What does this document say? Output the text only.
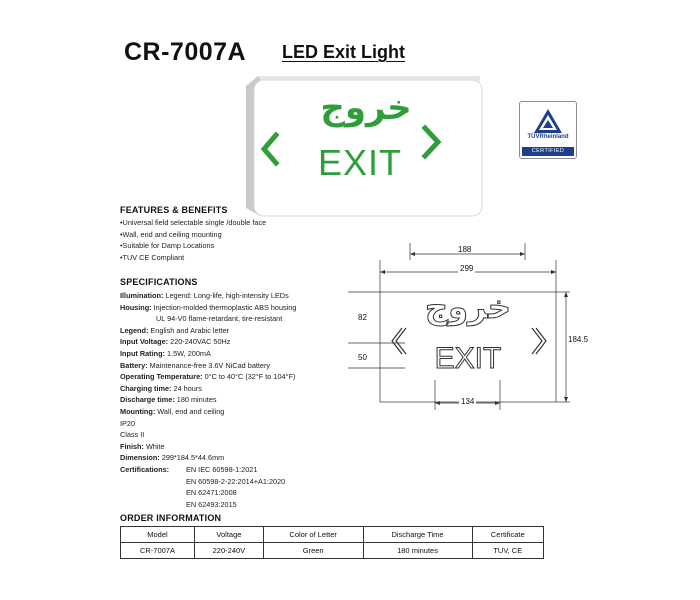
CR-7007A LED Exit Light
خروج
EXIT
TÜVRheinland
CERTIFIED
FEATURES & BENEFITS
•Universal field selectable single /double face
•Wall, end and ceiling mounting
•Suitable for Damp Locations
•TUV CE Compliant
SPECIFICATIONS
Illumination: Legend: Long-life, high-intensity LEDs
Housing: Injection-molded thermoplastic ABS housing
UL 94-V0 flame-retardant, tire-resistant
Legend: English and Arabic letter
Input Voltage: 220-240VAC 50Hz
Input Rating: 1.5W, 200mA
Battery: Maintenance-free 3.6V NiCad battery
Operating Temperature: 0°C to 40°C (32°F to 104°F)
Charging time: 24 hours
Discharge time: 180 minutes
Mounting: Wall, end and ceiling
IP20
Class II
Finish: White
Dimension: 299*184.5*44.6mm
Certifications: EN IEC 60598-1:2021
EN 60598-2-22:2014+A1:2020
EN 62471:2008
EN 62493:2015
188
299
184.5
82
50
134
خروج
EXIT
ORDER INFORMATION
Model	Voltage	Color of Letter	Discharge Time	Certificate
CR-7007A	220-240V	Green	180 minutes	TUV, CE
